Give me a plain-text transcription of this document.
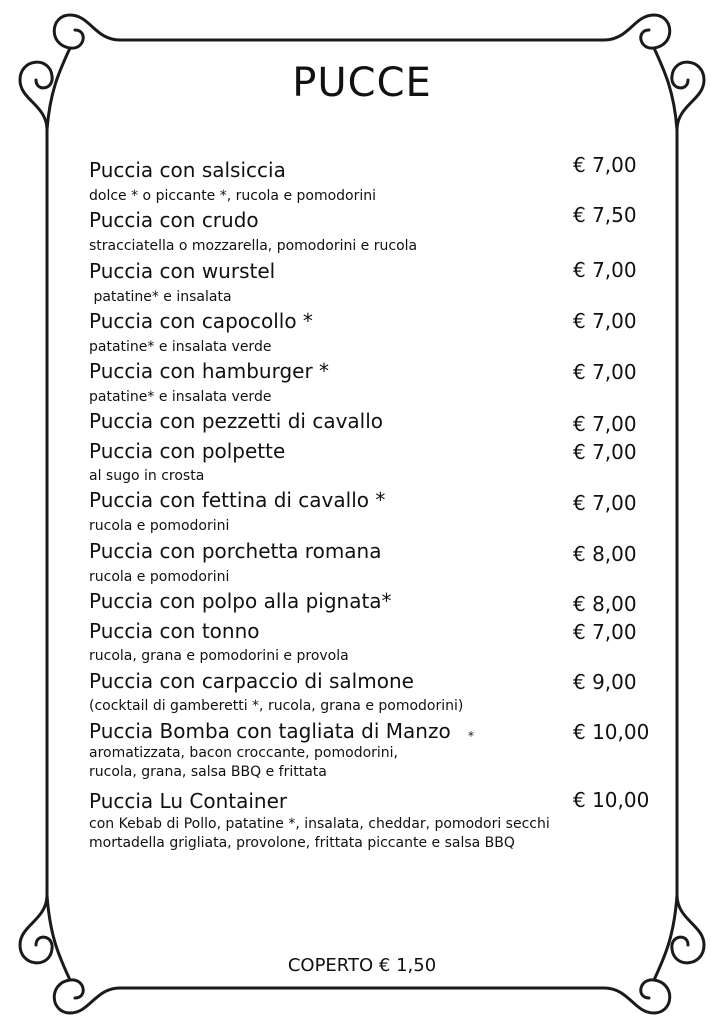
PUCCE
Puccia con salsiccia	€ 7,00
dolce * o piccante *, rucola e pomodorini
Puccia con crudo	€ 7,50
stracciatella o mozzarella, pomodorini e rucola
Puccia con wurstel	€ 7,00
patatine* e insalata
Puccia con capocollo *	€ 7,00
patatine* e insalata verde
Puccia con hamburger *	€ 7,00
patatine* e insalata verde
Puccia con pezzetti di cavallo	€ 7,00
Puccia con polpette	€ 7,00
al sugo in crosta
Puccia con fettina di cavallo *	€ 7,00
rucola e pomodorini
Puccia con porchetta romana	€ 8,00
rucola e pomodorini
Puccia con polpo alla pignata*	€ 8,00
Puccia con tonno	€ 7,00
rucola, grana e pomodorini e provola
Puccia con carpaccio di salmone	€ 9,00
(cocktail di gamberetti *, rucola, grana e pomodorini)
Puccia Bomba con tagliata di Manzo *	€ 10,00
aromatizzata, bacon croccante, pomodorini,
rucola, grana, salsa BBQ e frittata
Puccia Lu Container	€ 10,00
con Kebab di Pollo, patatine *, insalata, cheddar, pomodori secchi
mortadella grigliata, provolone, frittata piccante e salsa BBQ
COPERTO € 1,50
